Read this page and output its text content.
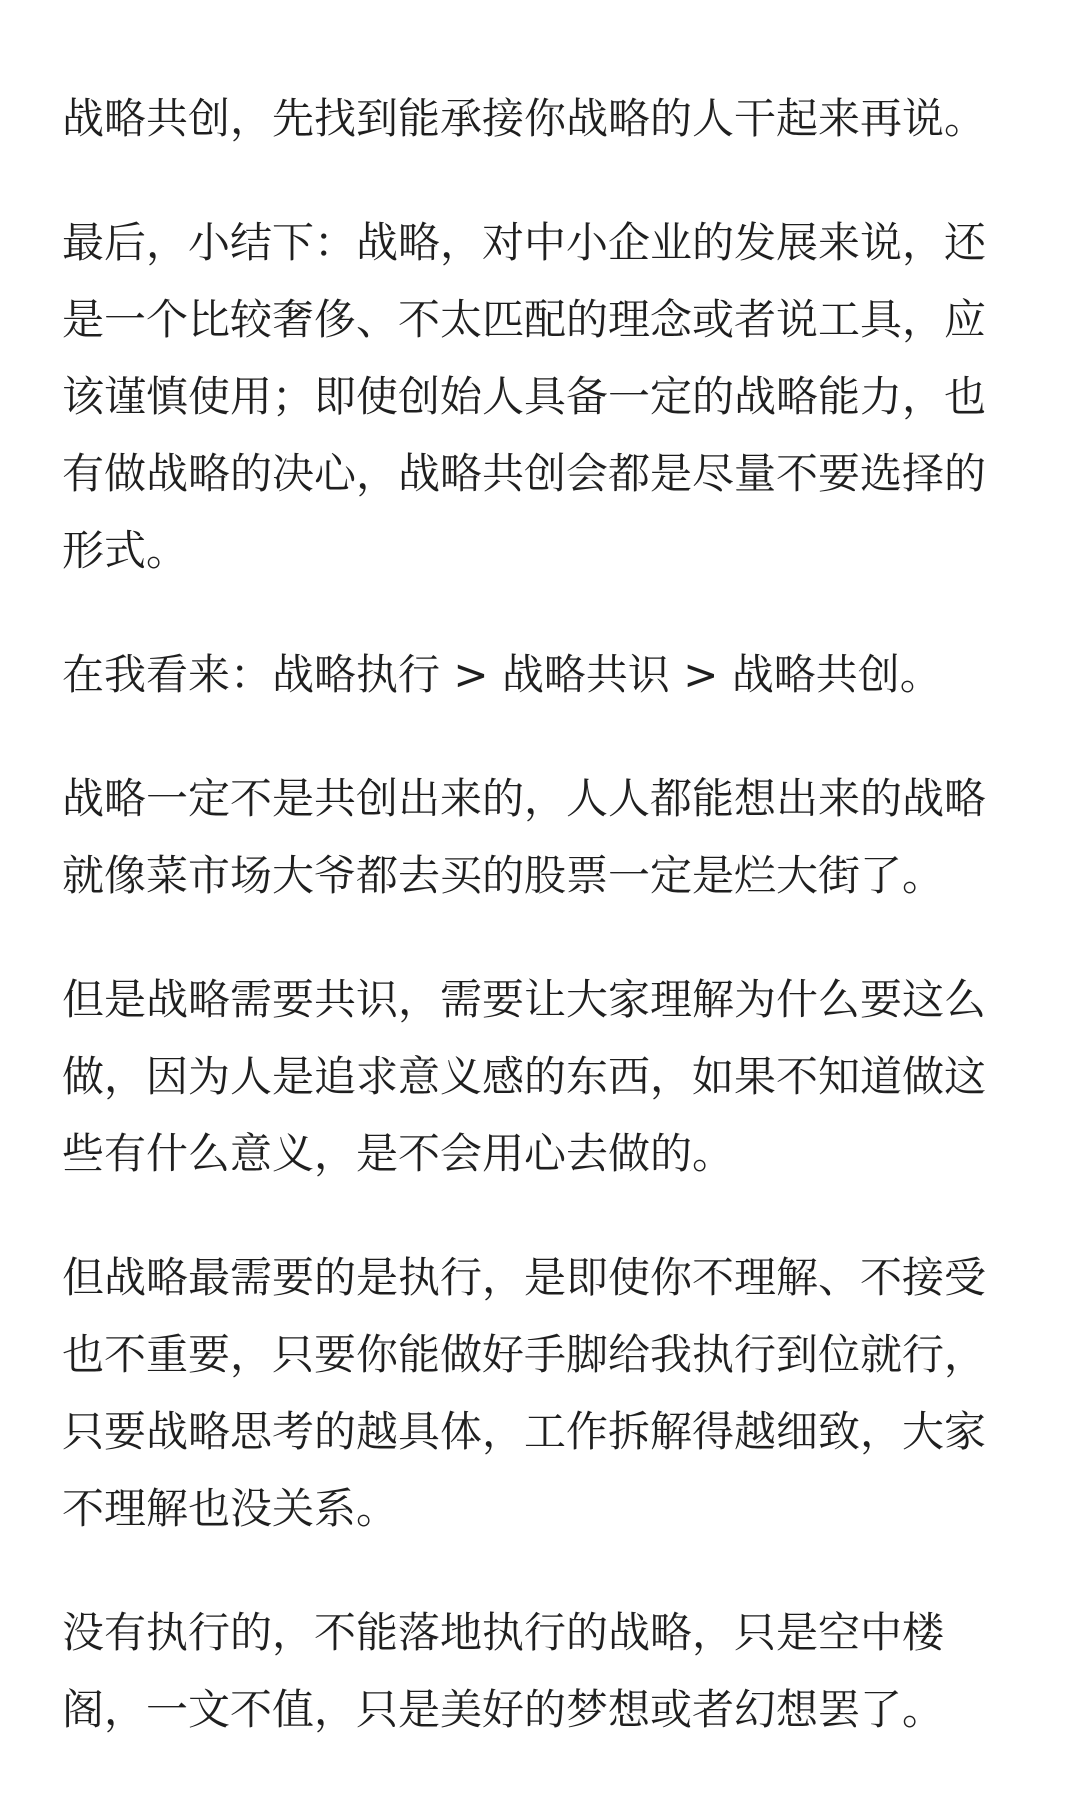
战略共创，先找到能承接你战略的人干起来再说。

最后，小结下：战略，对中小企业的发展来说，还是一个比较奢侈、不太匹配的理念或者说工具，应该谨慎使用；即使创始人具备一定的战略能力，也有做战略的决心，战略共创会都是尽量不要选择的形式。

在我看来：战略执行 > 战略共识 > 战略共创。

战略一定不是共创出来的，人人都能想出来的战略就像菜市场大爷都去买的股票一定是烂大街了。

但是战略需要共识，需要让大家理解为什么要这么做，因为人是追求意义感的东西，如果不知道做这些有什么意义，是不会用心去做的。

但战略最需要的是执行，是即使你不理解、不接受也不重要，只要你能做好手脚给我执行到位就行，只要战略思考的越具体，工作拆解得越细致，大家不理解也没关系。

没有执行的，不能落地执行的战略，只是空中楼阁，一文不值，只是美好的梦想或者幻想罢了。
